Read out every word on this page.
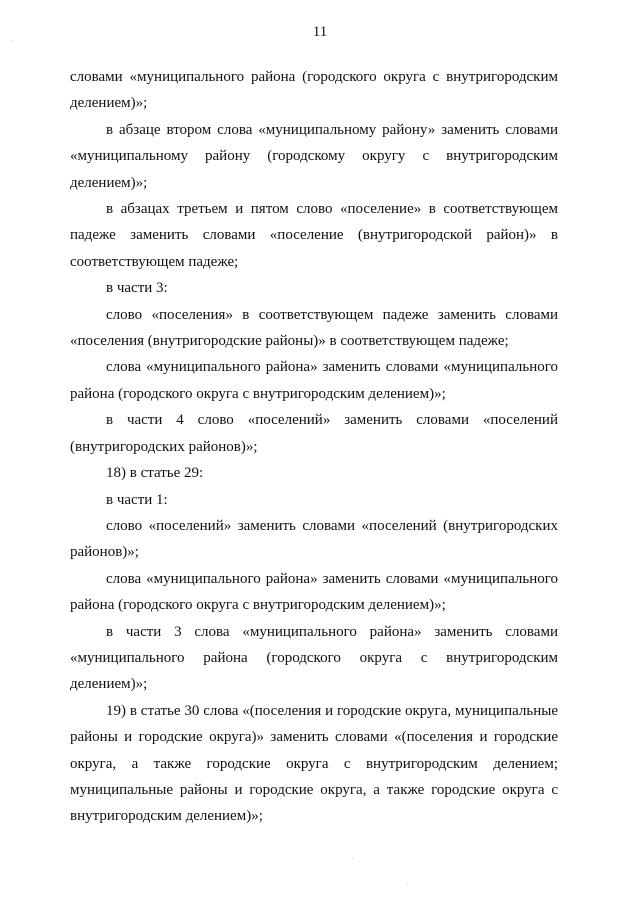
11

словами «муниципального района (городского округа с внутригородским делением)»;

в абзаце втором слова «муниципальному району» заменить словами «муниципальному району (городскому округу с внутригородским делением)»;

в абзацах третьем и пятом слово «поселение» в соответствующем падеже заменить словами «поселение (внутригородской район)» в соответствующем падеже;

в части 3:

слово «поселения» в соответствующем падеже заменить словами «поселения (внутригородские районы)» в соответствующем падеже;

слова «муниципального района» заменить словами «муниципального района (городского округа с внутригородским делением)»;

в части 4 слово «поселений» заменить словами «поселений (внутригородских районов)»;

18) в статье 29:

в части 1:

слово «поселений» заменить словами «поселений (внутригородских районов)»;

слова «муниципального района» заменить словами «муниципального района (городского округа с внутригородским делением)»;

в части 3 слова «муниципального района» заменить словами «муниципального района (городского округа с внутригородским делением)»;

19) в статье 30 слова «(поселения и городские округа, муниципальные районы и городские округа)» заменить словами «(поселения и городские округа, а также городские округа с внутригородским делением; муниципальные районы и городские округа, а также городские округа с внутригородским делением)»;
